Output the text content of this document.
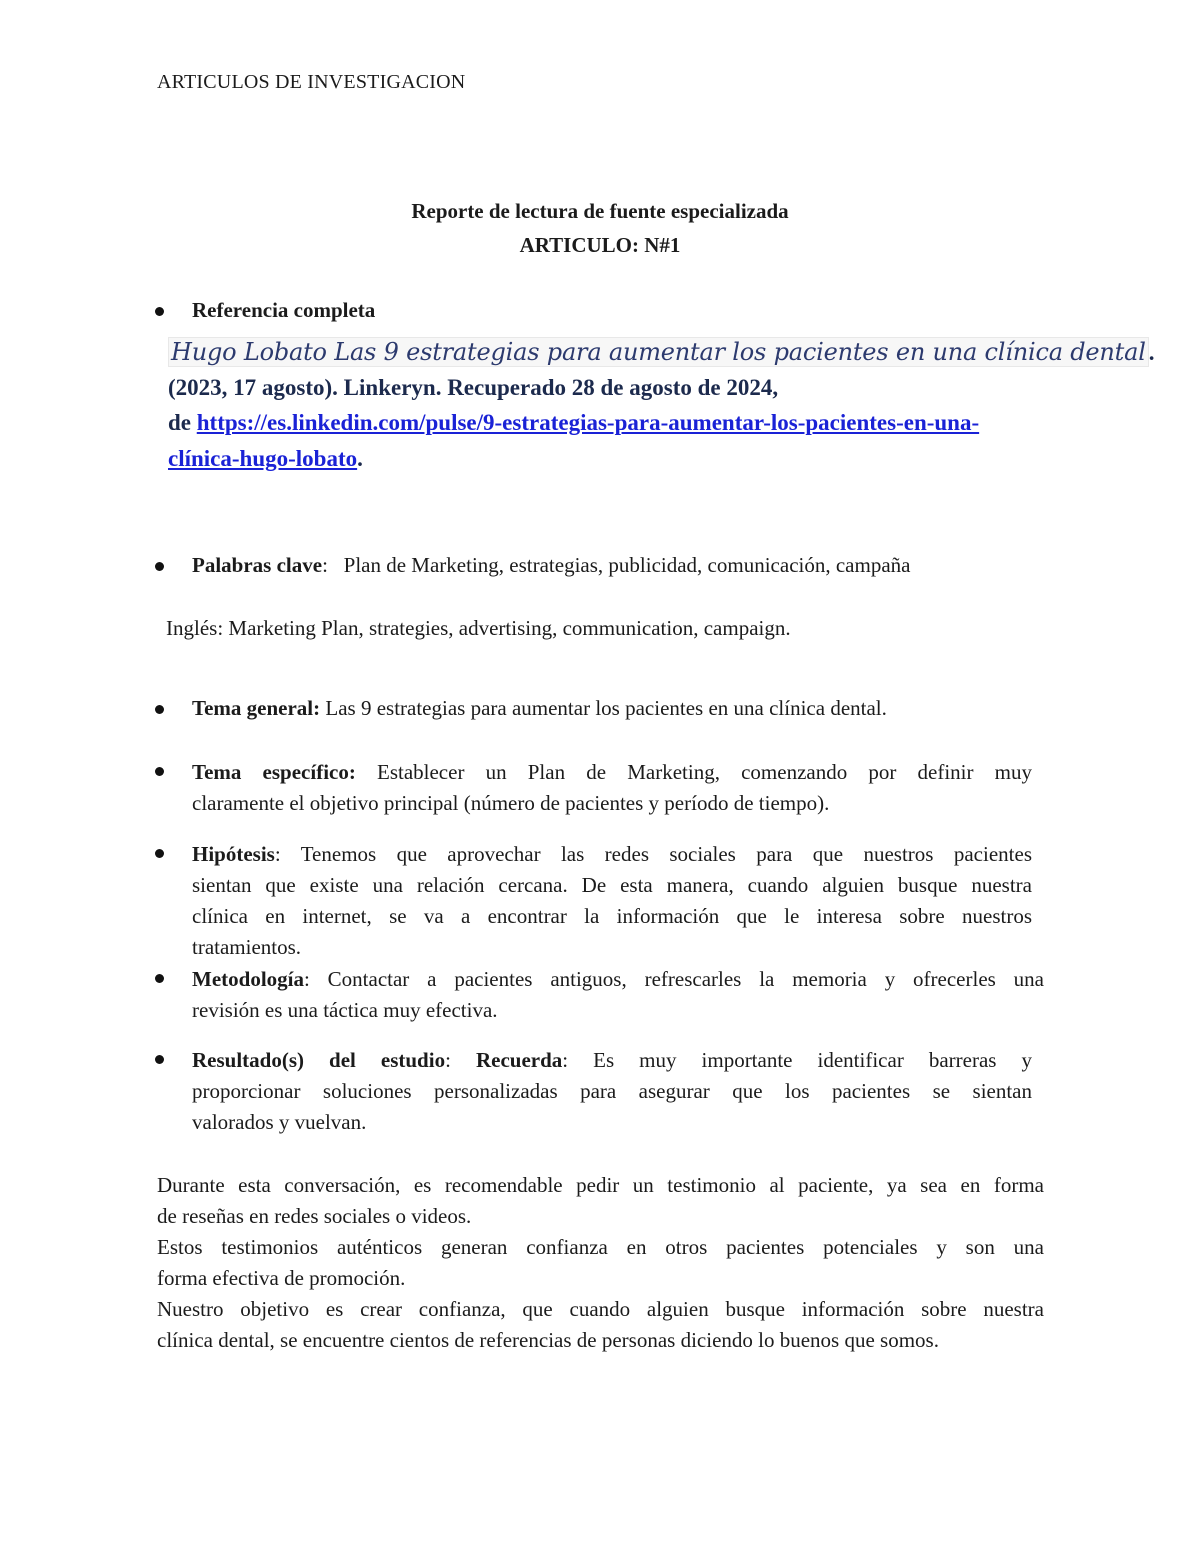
ARTICULOS DE INVESTIGACION
Reporte de lectura de fuente especializada
ARTICULO: N#1
Referencia completa
Hugo Lobato Las 9 estrategias para aumentar los pacientes en una clínica dental .
(2023, 17 agosto). Linkeryn. Recuperado 28 de agosto de 2024,
de https://es.linkedin.com/pulse/9-estrategias-para-aumentar-los-pacientes-en-una-
clínica-hugo-lobato.
Palabras clave: Plan de Marketing, estrategias, publicidad, comunicación, campaña
Inglés: Marketing Plan, strategies, advertising, communication, campaign.
Tema general: Las 9 estrategias para aumentar los pacientes en una clínica dental.
Tema específico: Establecer un Plan de Marketing, comenzando por definir muy
claramente el objetivo principal (número de pacientes y período de tiempo).
Hipótesis: Tenemos que aprovechar las redes sociales para que nuestros pacientes
sientan que existe una relación cercana. De esta manera, cuando alguien busque nuestra
clínica en internet, se va a encontrar la información que le interesa sobre nuestros
tratamientos.
Metodología: Contactar a pacientes antiguos, refrescarles la memoria y ofrecerles una
revisión es una táctica muy efectiva.
Resultado(s) del estudio: Recuerda: Es muy importante identificar barreras y
proporcionar soluciones personalizadas para asegurar que los pacientes se sientan
valorados y vuelvan.
Durante esta conversación, es recomendable pedir un testimonio al paciente, ya sea en forma
de reseñas en redes sociales o videos.
Estos testimonios auténticos generan confianza en otros pacientes potenciales y son una
forma efectiva de promoción.
Nuestro objetivo es crear confianza, que cuando alguien busque información sobre nuestra
clínica dental, se encuentre cientos de referencias de personas diciendo lo buenos que somos.
